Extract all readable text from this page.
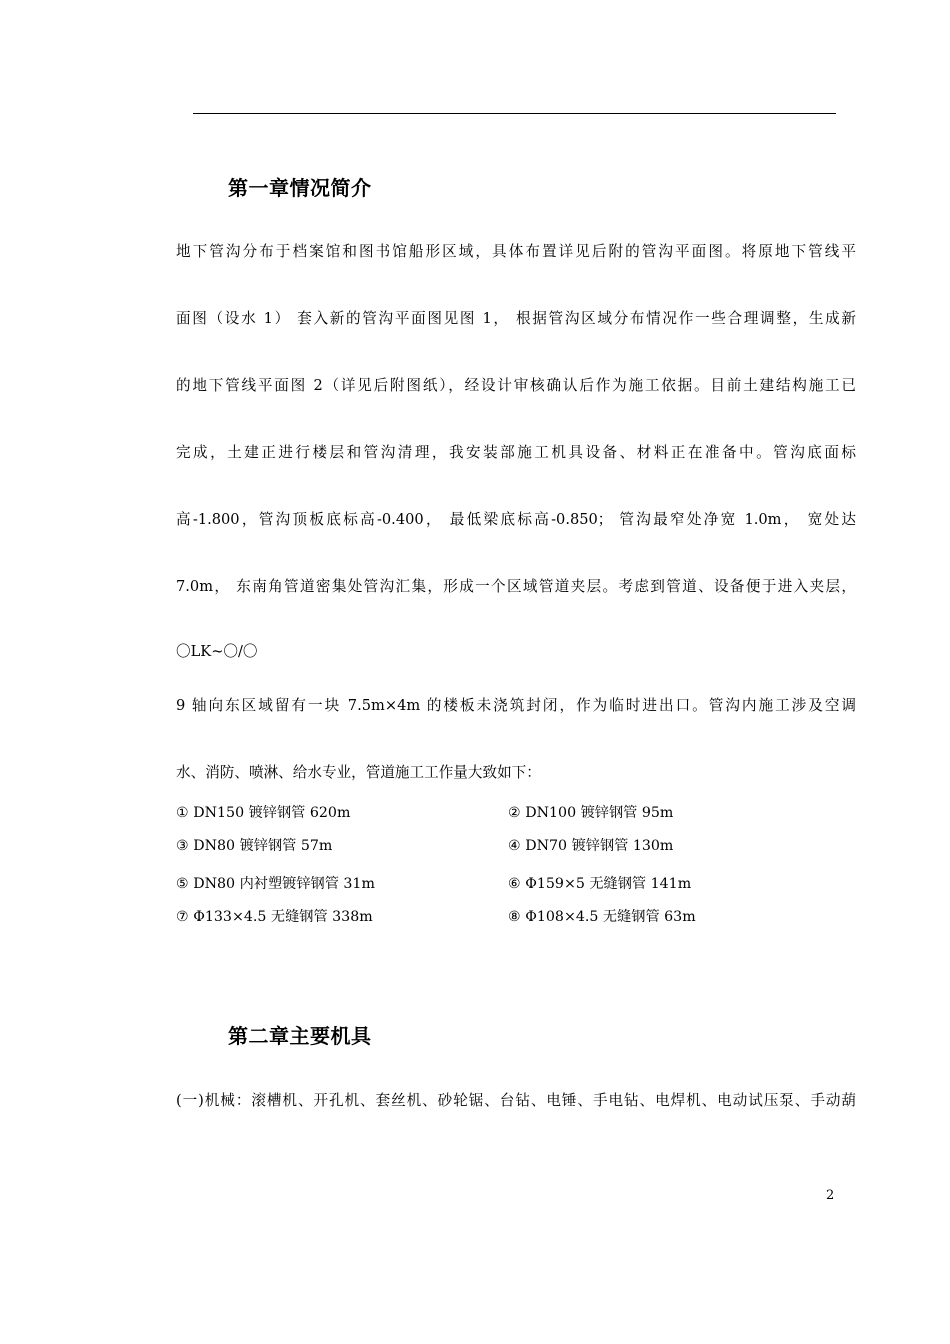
第一章情况简介
地下管沟分布于档案馆和图书馆船形区域，具体布置详见后附的管沟平面图。将原地下管线平
面图（设水 1） 套入新的管沟平面图见图 1， 根据管沟区域分布情况作一些合理调整，生成新
的地下管线平面图 2（详见后附图纸），经设计审核确认后作为施工依据。目前土建结构施工已
完成，土建正进行楼层和管沟清理，我安装部施工机具设备、材料正在准备中。管沟底面标
高-1.800，管沟顶板底标高-0.400， 最低梁底标高-0.850； 管沟最窄处净宽 1.0m， 宽处达
7.0m， 东南角管道密集处管沟汇集，形成一个区域管道夹层。考虑到管道、设备便于进入夹层，
〇LK~〇/〇
9 轴向东区域留有一块 7.5m×4m 的楼板未浇筑封闭，作为临时进出口。管沟内施工涉及空调
水、消防、喷淋、给水专业，管道施工工作量大致如下：
① DN150 镀锌钢管 620m	② DN100 镀锌钢管 95m
③ DN80 镀锌钢管 57m	④ DN70 镀锌钢管 130m
⑤ DN80 内衬塑镀锌钢管 31m	⑥ Φ159×5 无缝钢管 141m
⑦ Φ133×4.5 无缝钢管 338m	⑧ Φ108×4.5 无缝钢管 63m
第二章主要机具
(一)机械：滚槽机、开孔机、套丝机、砂轮锯、台钻、电锤、手电钻、电焊机、电动试压泵、手动葫
2
